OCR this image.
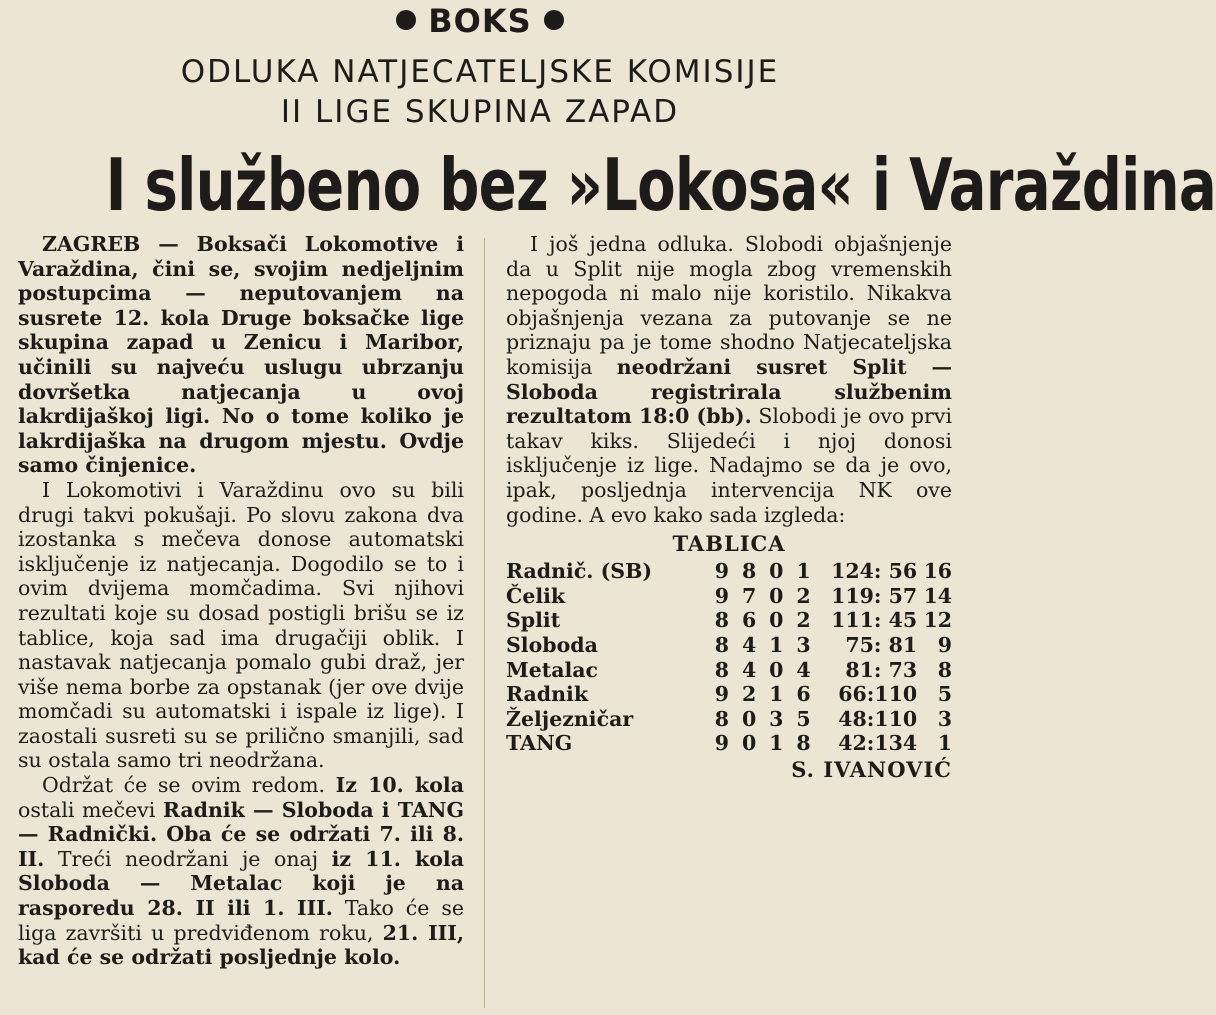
BOKS
ODLUKA NATJECATELJSKE KOMISIJE
II LIGE SKUPINA ZAPAD
I službeno bez »Lokosa« i Varaždina

ZAGREB — Boksači Lokomotive i Varaždina, čini se, svojim nedjeljnim postupcima — neputovanjem na susrete 12. kola Druge boksačke lige skupina zapad u Zenicu i Maribor, učinili su najveću uslugu ubrzanju dovršetka natjecanja u ovoj lakrdijaškoj ligi. No o tome koliko je lakrdijaška na drugom mjestu. Ovdje samo činjenice.

I Lokomotivi i Varaždinu ovo su bili drugi takvi pokušaji. Po slovu zakona dva izostanka s mečeva donose automatski isključenje iz natjecanja. Dogodilo se to i ovim dvijema momčadima. Svi njihovi rezultati koje su dosad postigli brišu se iz tablice, koja sad ima drugačiji oblik. I nastavak natjecanja pomalo gubi draž, jer više nema borbe za opstanak (jer ove dvije momčadi su automatski i ispale iz lige). I zaostali susreti su se prilično smanjili, sad su ostala samo tri neodržana.

Održat će se ovim redom. Iz 10. kola ostali mečevi Radnik — Sloboda i TANG — Radnički. Oba će se održati 7. ili 8. II. Treći neodržani je onaj iz 11. kola Sloboda — Metalac koji je na rasporedu 28. II ili 1. III. Tako će se liga završiti u predviđenom roku, 21. III, kad će se održati posljednje kolo.

I još jedna odluka. Slobodi objašnjenje da u Split nije mogla zbog vremenskih nepogoda ni malo nije koristilo. Nikakva objašnjenja vezana za putovanje se ne priznaju pa je tome shodno Natjecateljska komisija neodržani susret Split — Sloboda registrirala službenim rezultatom 18:0 (bb). Slobodi je ovo prvi takav kiks. Slijedeći i njoj donosi isključenje iz lige. Nadajmo se da je ovo, ipak, posljednja intervencija NK ove godine. A evo kako sada izgleda:

TABLICA
Radnič. (SB)	9	8	0	1	124: 56	16
Čelik	9	7	0	2	119: 57	14
Split	8	6	0	2	111: 45	12
Sloboda	8	4	1	3	75: 81	9
Metalac	8	4	0	4	81: 73	8
Radnik	9	2	1	6	66:110	5
Željezničar	8	0	3	5	48:110	3
TANG	9	0	1	8	42:134	1
S. IVANOVIĆ
